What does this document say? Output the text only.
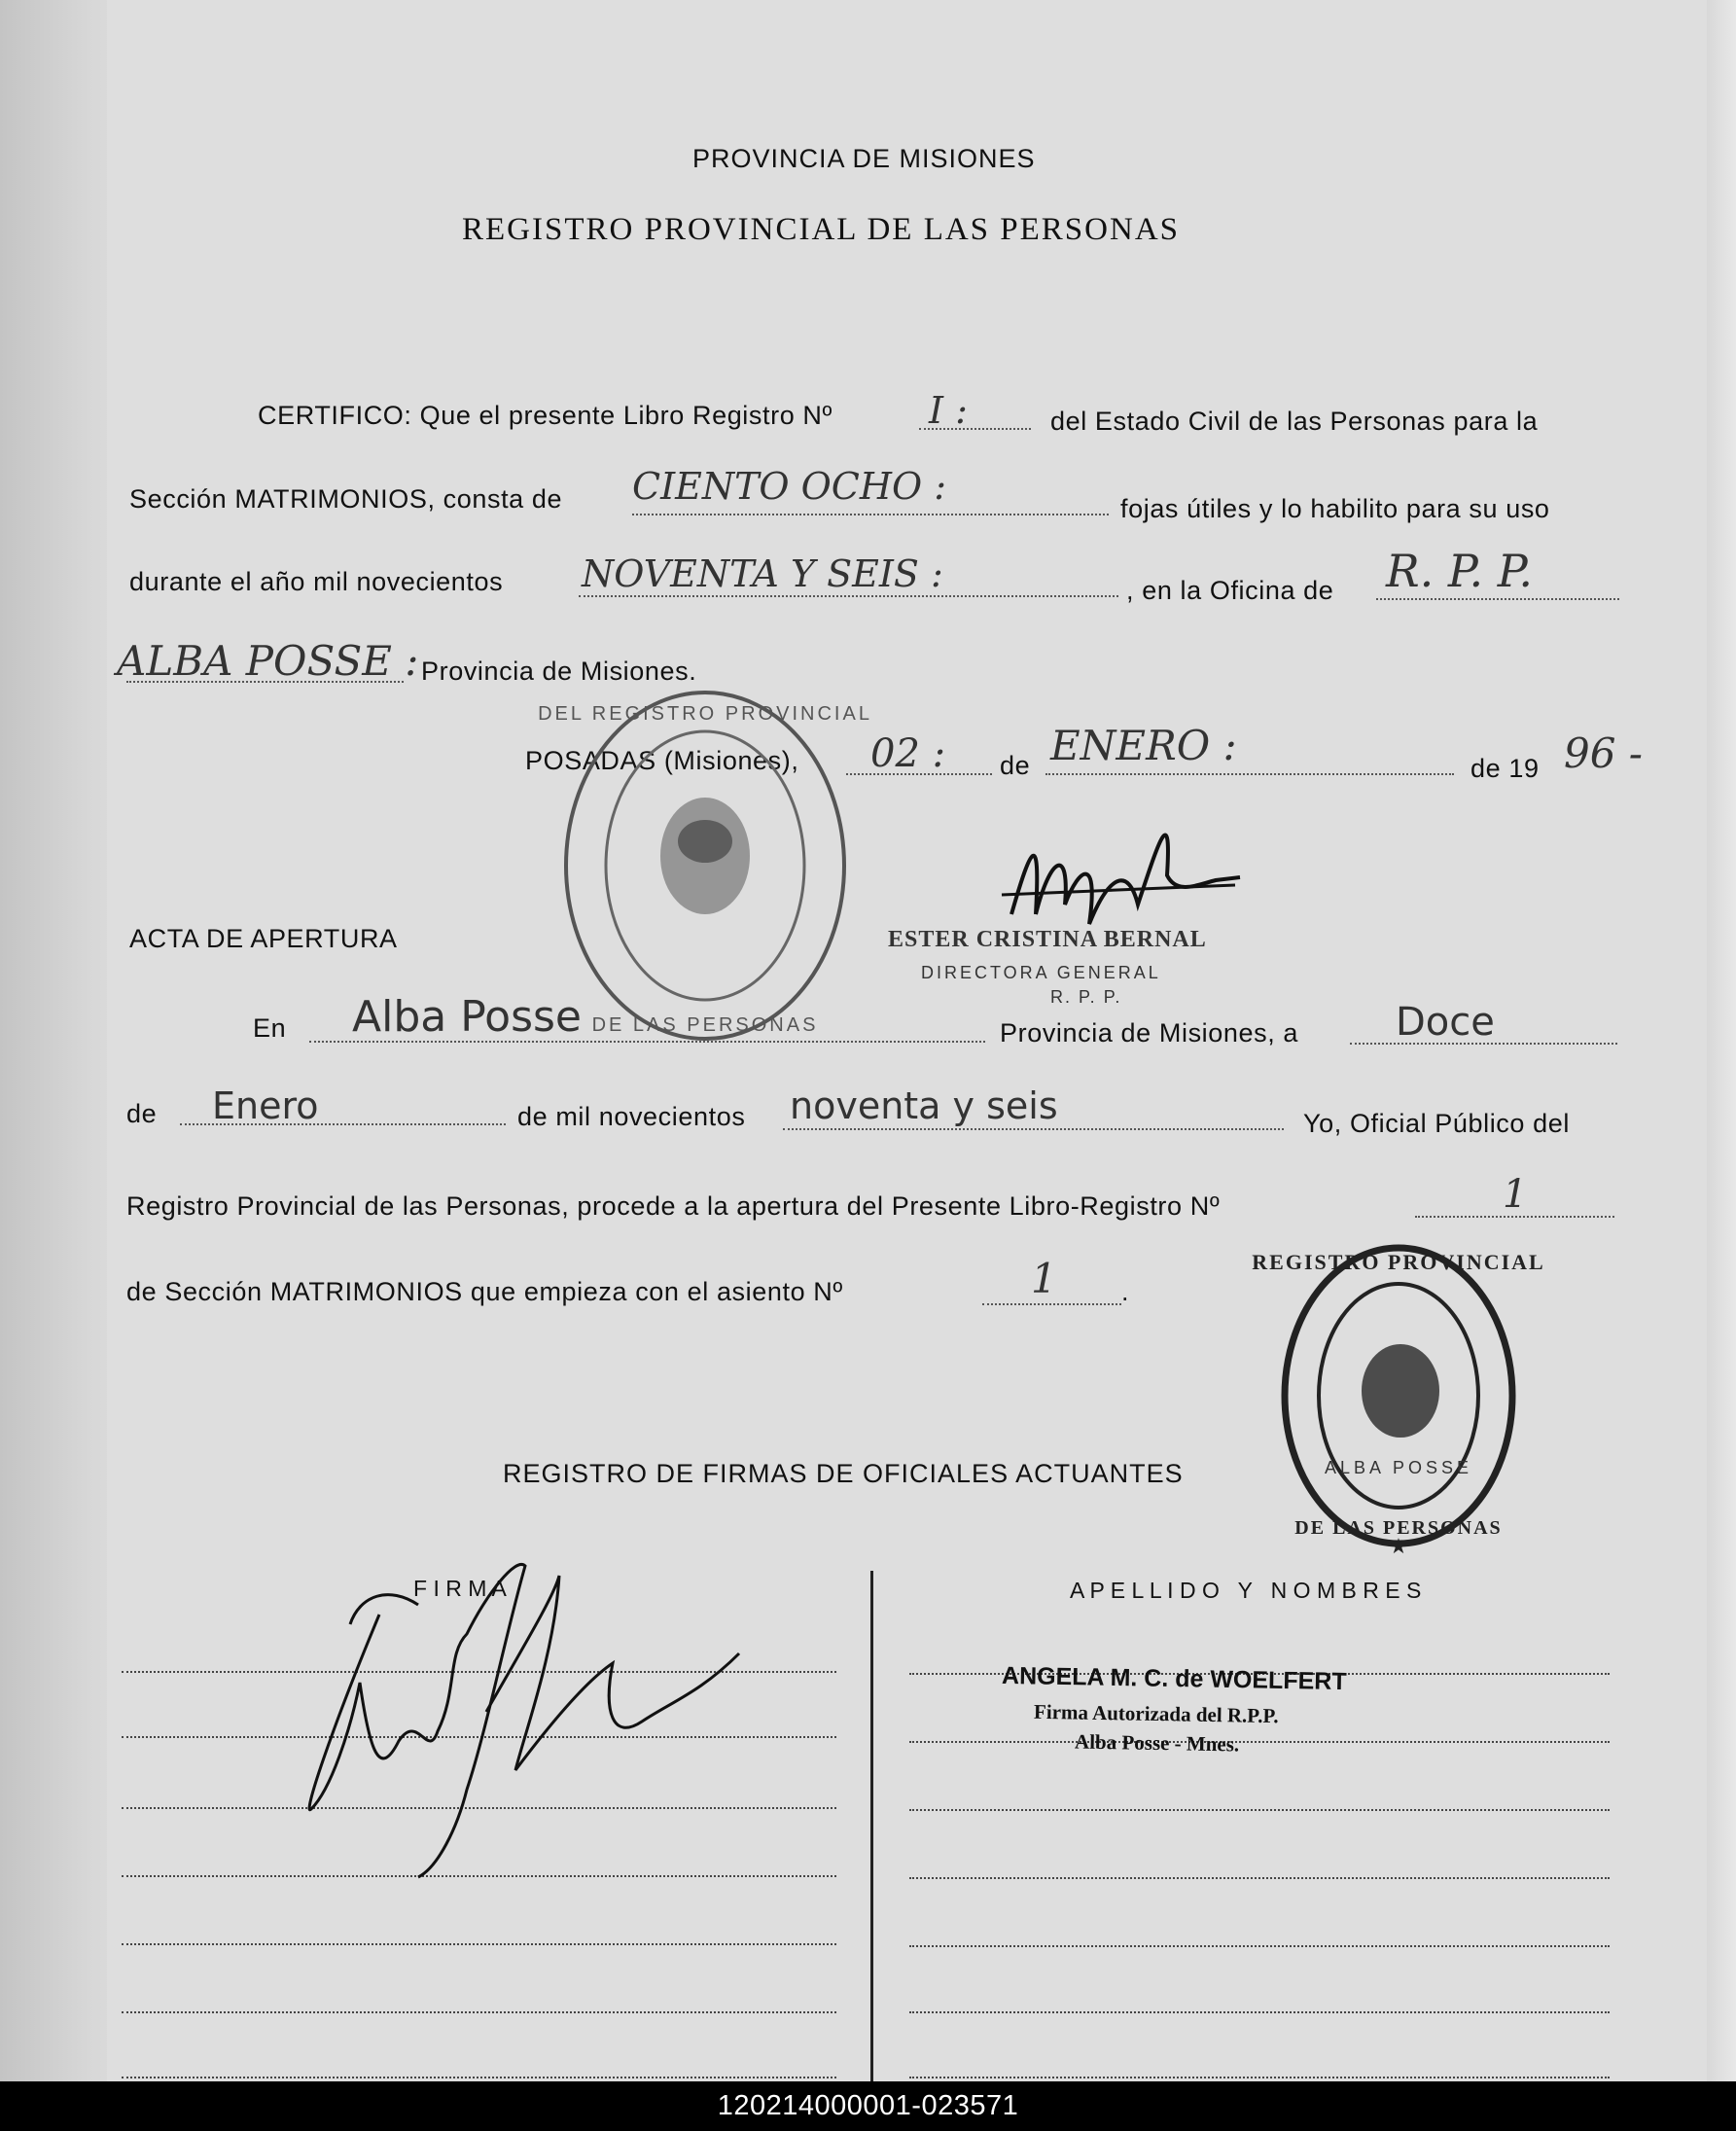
PROVINCIA DE MISIONES
REGISTRO PROVINCIAL DE LAS PERSONAS
CERTIFICO: Que el presente Libro Registro Nº	I :	del Estado Civil de las Personas para la
Sección MATRIMONIOS, consta de CIENTO OCHO :
fojas útiles y lo habilito para su uso
durante el año mil novecientos NOVENTA Y SEIS :	, en la Oficina de R. P. P.
ALBA POSSE : Provincia de Misiones.
POSADAS (Misiones), 02 : de ENERO :	de 19 96 -
DEL REGISTRO PROVINCIAL
DE LAS PERSONAS
ESTER CRISTINA BERNAL
DIRECTORA GENERAL
R. P. P.
ACTA DE APERTURA
En Alba Posse	Provincia de Misiones, a Doce
de Enero	de mil novecientos noventa y seis	Yo, Oficial Público del
Registro Provincial de las Personas, procede a la apertura del Presente Libro-Registro Nº	1
de Sección MATRIMONIOS que empieza con el asiento Nº	1 .
REGISTRO PROVINCIAL
DE LAS PERSONAS
ALBA POSSE
★
REGISTRO DE FIRMAS DE OFICIALES ACTUANTES
F I R M A	A P E L L I D O   Y   N O M B R E S
ANGELA M. C. de WOELFERT
Firma Autorizada del R.P.P.
Alba Posse - Mnes.
120214000001-023571
